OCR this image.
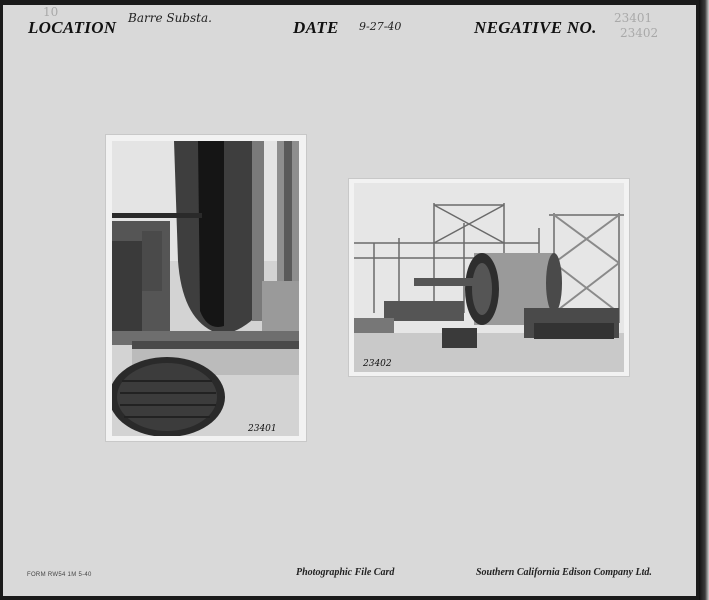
10
LOCATION Barre Substa.	DATE 9-27-40	NEGATIVE NO. 23401
23402
23401
23402
FORM RW54 1M 5-40	Photographic File Card	Southern California Edison Company Ltd.
